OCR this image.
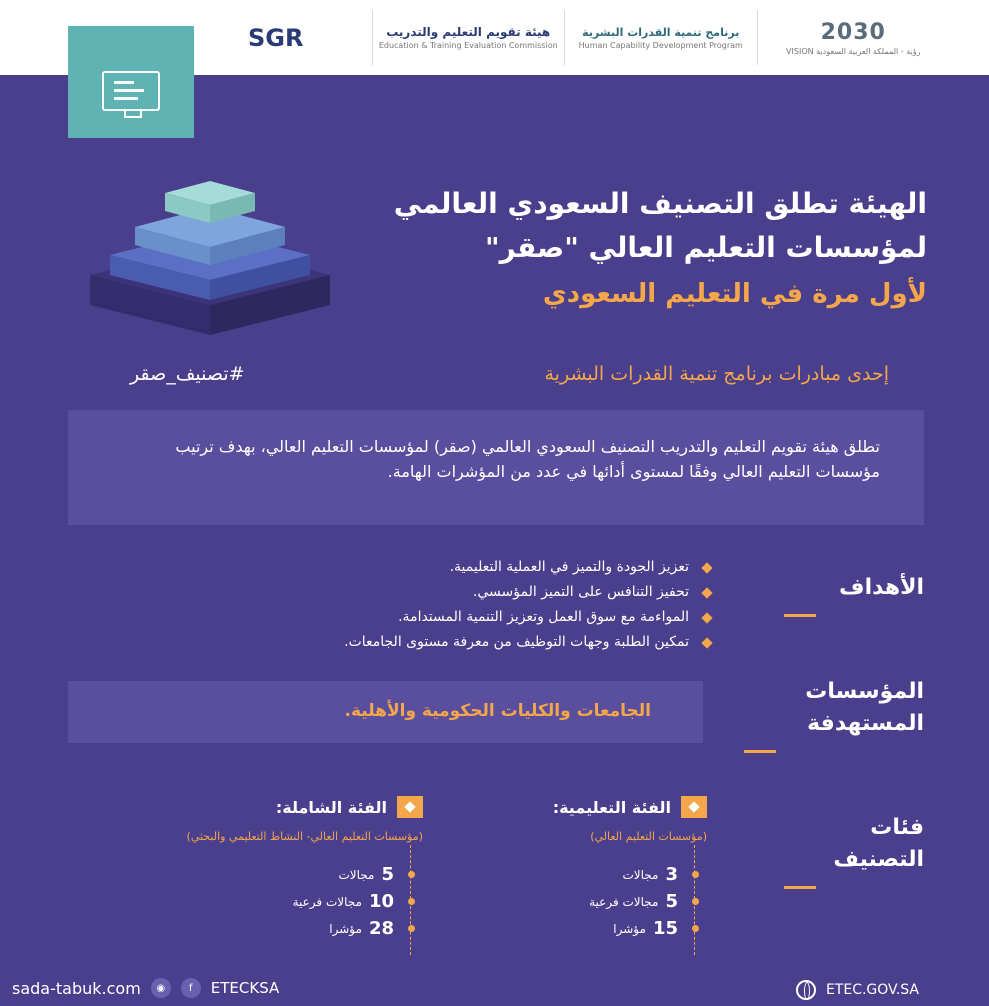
2030
VISION رؤية - المملكة العربية السعودية
برنامج تنمية القدرات البشرية
Human Capability Development Program
هيئة تقويم التعليم والتدريب
Education & Training Evaluation Commission
SGR
الهيئة تطلق التصنيف السعودي العالمي
لمؤسسات التعليم العالي "صقر"
لأول مرة في التعليم السعودي
#تصنيف_صقر	إحدى مبادرات برنامج تنمية القدرات البشرية

تطلق هيئة تقويم التعليم والتدريب التصنيف السعودي العالمي (صقر) لمؤسسات التعليم العالي، بهدف ترتيب مؤسسات التعليم العالي وفقًا لمستوى أدائها في عدد من المؤشرات الهامة.

الأهداف
تعزيز الجودة والتميز في العملية التعليمية.
تحفيز التنافس على التميز المؤسسي.
المواءمة مع سوق العمل وتعزيز التنمية المستدامة.
تمكين الطلبة وجهات التوظيف من معرفة مستوى الجامعات.
المؤسسات
المستهدفة
الجامعات والكليات الحكومية والأهلية.
فئات
التصنيف
الفئة التعليمية:
(مؤسسات التعليم العالي)
3
مجالات
5
مجالات فرعية
15
مؤشرا
الفئة الشاملة:
(مؤسسات التعليم العالي- النشاط التعليمي والبحثي)
5
مجالات
10
مجالات فرعية
28
مؤشرا
sada-tabuk.com	◉	f	ETECKSA	ETEC.GOV.SA
